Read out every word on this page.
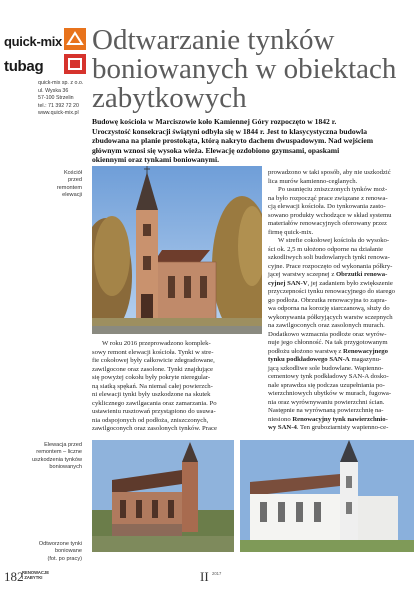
quick-mix
tubag
quick-mix sp. z o.o.
ul. Wyska 36
57-100 Strzelin
tel.: 71 392 72 20
www.quick-mix.pl
Odtwarzanie tynków
boniowanych w obiektach
zabytkowych
Budowę kościoła w Marciszowie koło Kamiennej Góry rozpoczęto w 1842 r.
Uroczystość konsekracji świątyni odbyła się w 1844 r. Jest to klasycystyczna budowla
zbudowana na planie prostokąta, którą nakryto dachem dwuspadowym. Nad wejściem
głównym wznosi się wysoka wieża. Elewację ozdobiono gzymsami, opaskami
okiennymi oraz tynkami boniowanymi.
Kościół
przed
remontem
elewacji
W roku 2016 przeprowadzono komplek-
sowy remont elewacji kościoła. Tynki w stre-
fie cokołowej były całkowicie zdegradowane,
zawilgocone oraz zasolone. Tynki znajdujące
się powyżej cokołu były pokryte nieregular-
ną siatką spękań. Na niemal całej powierzch-
ni elewacji tynki były uszkodzone na skutek
cyklicznego zawilgacania oraz zamarzania. Po
ustawieniu rusztowań przystąpiono do usuwa-
nia odspojonych od podłoża, zniszczonych,
zawilgoconych oraz zasolonych tynków. Prace
prowadzono w taki sposób, aby nie uszkodzić
lica murów kamienno-ceglanych.
Po usunięciu zniszczonych tynków moż-
na było rozpocząć prace związane z renowa-
cją elewacji kościoła. Do tynkowania zasto-
sowano produkty wchodzące w skład systemu
materiałów renowacyjnych oferowany przez
firmę quick-mix.
W strefie cokołowej kościoła do wysoko-
ści ok. 2,5 m ułożono odporne na działanie
szkodliwych soli budowlanych tynki renowa-
cyjne. Prace rozpoczęto od wykonania półkry-
jącej warstwy sczepnej z Obrzutki renowa-
cyjnej SAN-V, jej zadaniem było zwiększenie
przyczepności tynku renowacyjnego do starego
go podłoża. Obrzutka renowacyjna to zapra-
wa odporna na korozję siarczanową, służy do
wykonywania półkryjących warstw sczepnych
na zawilgoconych oraz zasolonych murach.
Dodatkowo wzmacnia podłoże oraz wyrów-
nuje jego chłonność. Na tak przygotowanym
podłożu ułożono warstwę z Renowacyjnego
tynku podkładowego SAN-A magazynu-
jącą szkodliwe sole budowlane. Wapienno-
cementowy tynk podkładowy SAN-A dosko-
nale sprawdza się podczas uzupełniania po-
wierzchniowych ubytków w murach, fugowa-
nia oraz wyrównywaniu powierzchni ścian.
Następnie na wyrównaną powierzchnię na-
niesiono Renowacyjny tynk nawierzchnio-
wy SAN-4. Ten gruboziarnisty wapienno-ce-
Elewacja przed
remontem – liczne
uszkodzenia tynków
boniowanych
Odtworzone tynki
boniowane
(fot. po pracy)
182
RENOWACJE
I ZABYTKI	II 2017
